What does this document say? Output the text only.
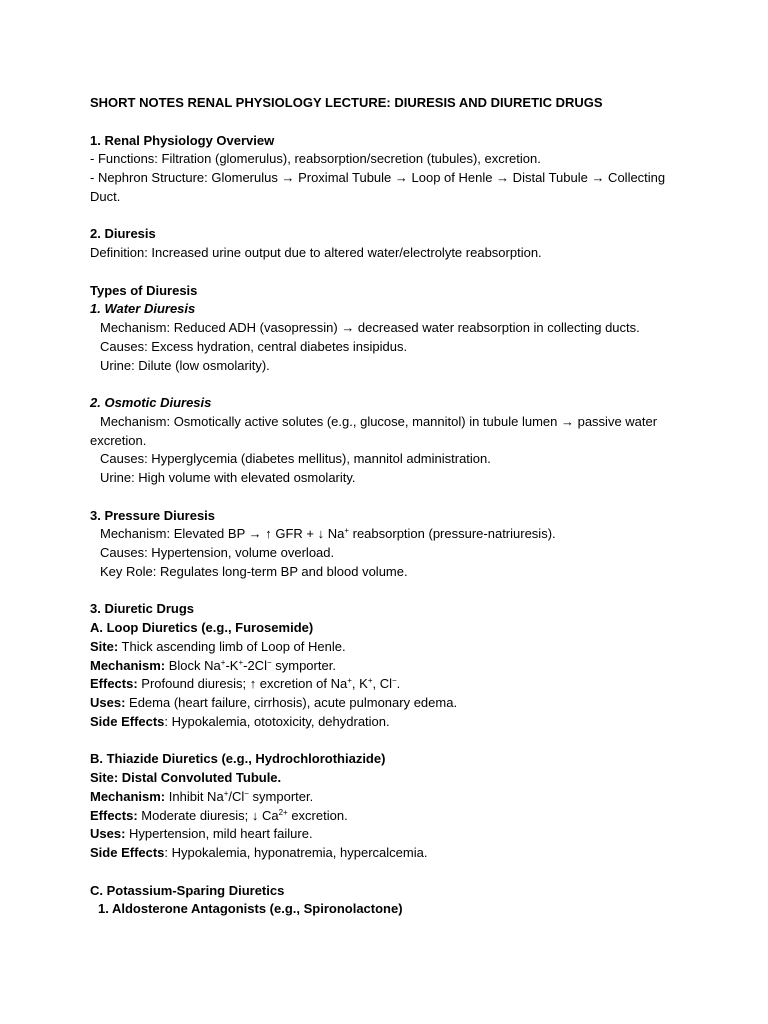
SHORT NOTES RENAL PHYSIOLOGY LECTURE: DIURESIS AND DIURETIC DRUGS
1. Renal Physiology Overview
- Functions: Filtration (glomerulus), reabsorption/secretion (tubules), excretion.
- Nephron Structure: Glomerulus → Proximal Tubule → Loop of Henle → Distal Tubule → Collecting Duct.
2. Diuresis
Definition: Increased urine output due to altered water/electrolyte reabsorption.
Types of Diuresis
1. Water Diuresis
Mechanism: Reduced ADH (vasopressin) → decreased water reabsorption in collecting ducts.
Causes: Excess hydration, central diabetes insipidus.
Urine: Dilute (low osmolarity).
2. Osmotic Diuresis
Mechanism: Osmotically active solutes (e.g., glucose, mannitol) in tubule lumen → passive water excretion.
Causes: Hyperglycemia (diabetes mellitus), mannitol administration.
Urine: High volume with elevated osmolarity.
3. Pressure Diuresis
Mechanism: Elevated BP → ↑ GFR + ↓ Na+ reabsorption (pressure-natriuresis).
Causes: Hypertension, volume overload.
Key Role: Regulates long-term BP and blood volume.
3. Diuretic Drugs
A. Loop Diuretics (e.g., Furosemide)
Site: Thick ascending limb of Loop of Henle.
Mechanism: Block Na+-K+-2Cl− symporter.
Effects: Profound diuresis; ↑ excretion of Na+, K+, Cl−.
Uses: Edema (heart failure, cirrhosis), acute pulmonary edema.
Side Effects: Hypokalemia, ototoxicity, dehydration.
B. Thiazide Diuretics (e.g., Hydrochlorothiazide)
Site: Distal Convoluted Tubule.
Mechanism: Inhibit Na+/Cl− symporter.
Effects: Moderate diuresis; ↓ $Ca^{2+}$ excretion.
Uses: Hypertension, mild heart failure.
Side Effects: Hypokalemia, hyponatremia, hypercalcemia.
C. Potassium-Sparing Diuretics
1. Aldosterone Antagonists (e.g., Spironolactone)
